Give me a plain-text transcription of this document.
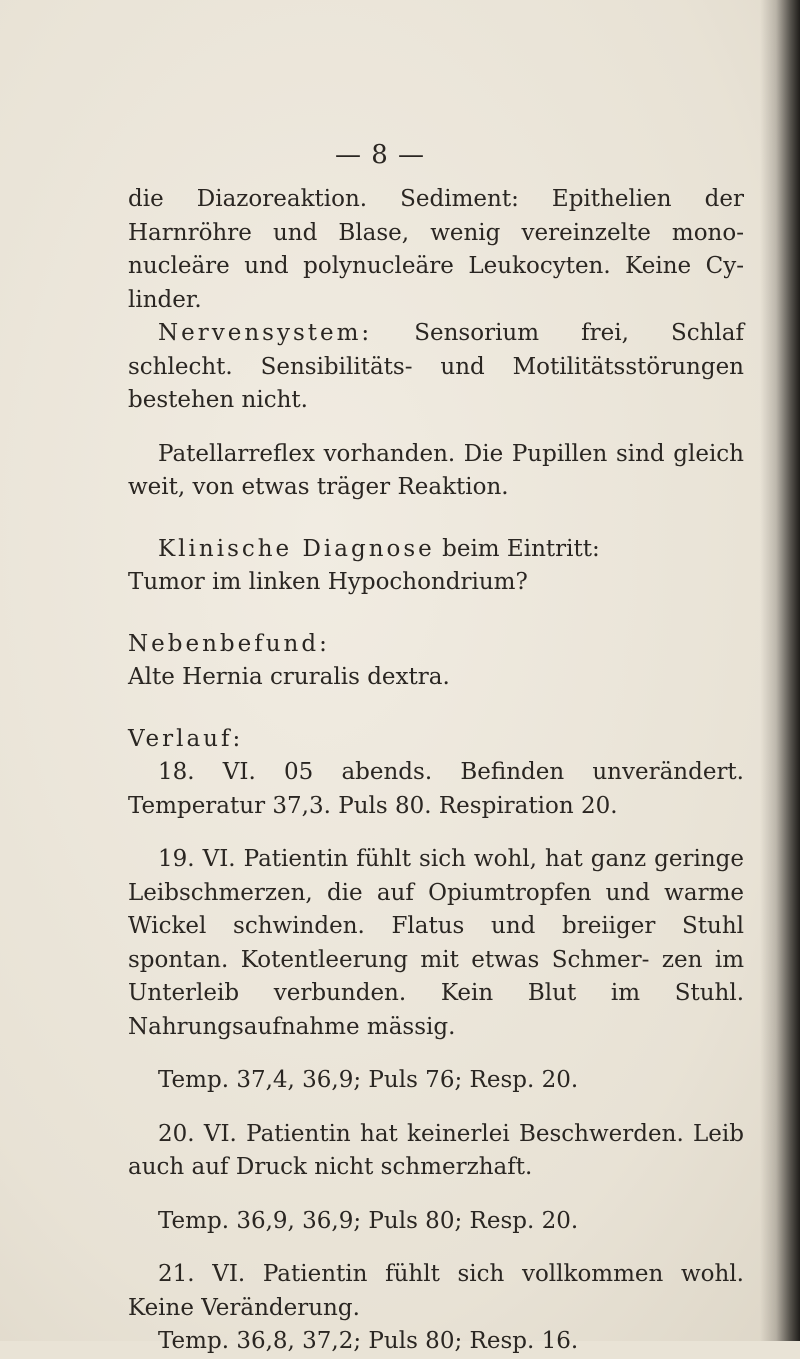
— 8 —

die Diazoreaktion. Sediment: Epithelien der Harnröhre und Blase, wenig vereinzelte mono- nucleäre und polynucleäre Leukocyten. Keine Cy- linder.

Nervensystem: Sensorium frei, Schlaf schlecht. Sensibilitäts- und Motilitätsstörungen bestehen nicht.

Patellarreflex vorhanden. Die Pupillen sind gleich weit, von etwas träger Reaktion.

Klinische Diagnose beim Eintritt:

Tumor im linken Hypochondrium?

Nebenbefund:

Alte Hernia cruralis dextra.

Verlauf:

18. VI. 05 abends. Befinden unverändert. Temperatur 37,3. Puls 80. Respiration 20.

19. VI. Patientin fühlt sich wohl, hat ganz geringe Leibschmerzen, die auf Opiumtropfen und warme Wickel schwinden. Flatus und breiiger Stuhl spontan. Kotentleerung mit etwas Schmer- zen im Unterleib verbunden. Kein Blut im Stuhl. Nahrungsaufnahme mässig.

Temp. 37,4, 36,9; Puls 76; Resp. 20.

20. VI. Patientin hat keinerlei Beschwerden. Leib auch auf Druck nicht schmerzhaft.

Temp. 36,9, 36,9; Puls 80; Resp. 20.

21. VI. Patientin fühlt sich vollkommen wohl. Keine Veränderung.

Temp. 36,8, 37,2; Puls 80; Resp. 16.
